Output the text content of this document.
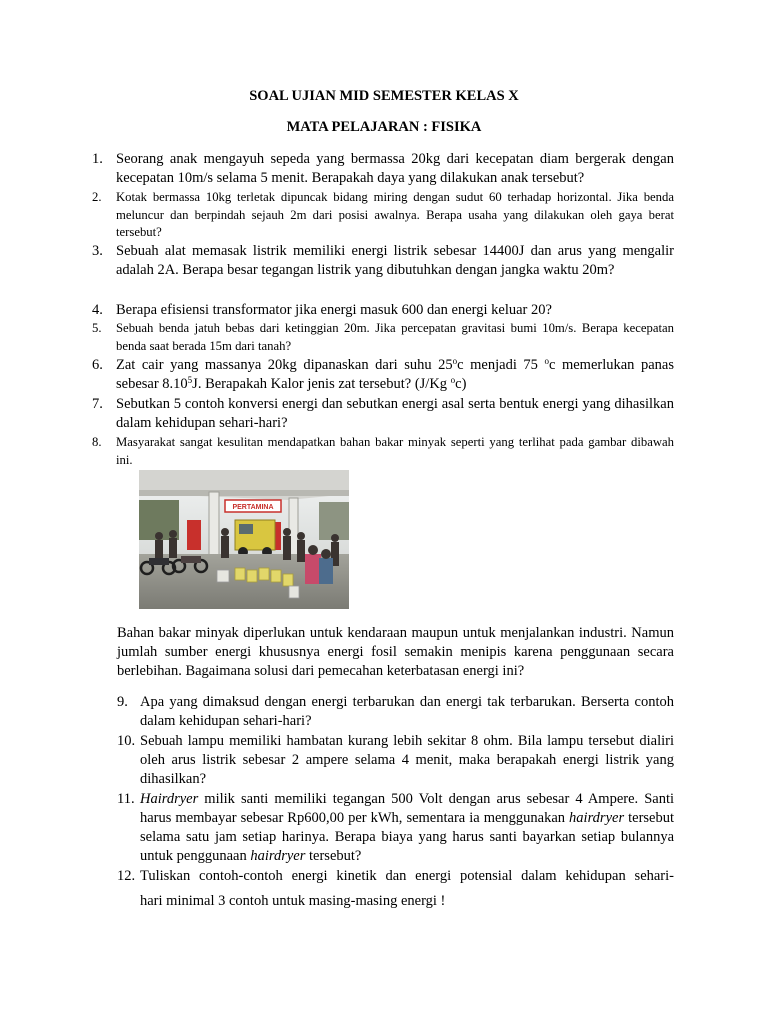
SOAL UJIAN MID SEMESTER KELAS X
MATA PELAJARAN : FISIKA

1. Seorang anak mengayuh sepeda yang bermassa 20kg dari kecepatan diam bergerak dengan kecepatan 10m/s selama 5 menit. Berapakah daya yang dilakukan anak tersebut?

2. Kotak bermassa 10kg terletak dipuncak bidang miring dengan sudut 60 terhadap horizontal. Jika benda meluncur dan berpindah sejauh 2m dari posisi awalnya. Berapa usaha yang dilakukan oleh gaya berat tersebut?

3. Sebuah alat memasak listrik memiliki energi listrik sebesar 14400J dan arus yang mengalir adalah 2A. Berapa besar tegangan listrik yang dibutuhkan dengan jangka waktu 20m?

4. Berapa efisiensi transformator jika energi masuk 600 dan energi keluar 20?

5. Sebuah benda jatuh bebas dari ketinggian 20m. Jika percepatan gravitasi bumi 10m/s. Berapa kecepatan benda saat berada 15m dari tanah?

6. Zat cair yang massanya 20kg dipanaskan dari suhu 25$^o$c menjadi 75 $^o$c memerlukan panas sebesar 8.10$^5$J. Berapakah Kalor jenis zat tersebut? (J/Kg $^o$c)

7. Sebutkan 5 contoh konversi energi dan sebutkan energi asal serta bentuk energi yang dihasilkan dalam kehidupan sehari-hari?

8. Masyarakat sangat kesulitan mendapatkan bahan bakar minyak seperti yang terlihat pada gambar dibawah ini.

PERTAMINA

Bahan bakar minyak diperlukan untuk kendaraan maupun untuk menjalankan industri. Namun jumlah sumber energi khususnya energi fosil semakin menipis karena penggunaan secara berlebihan. Bagaimana solusi dari pemecahan keterbatasan energi ini?

9. Apa yang dimaksud dengan energi terbarukan dan energi tak terbarukan. Berserta contoh dalam kehidupan sehari-hari?

10. Sebuah lampu memiliki hambatan kurang lebih sekitar 8 ohm. Bila lampu tersebut dialiri oleh arus listrik sebesar 2 ampere selama 4 menit, maka berapakah energi listrik yang dihasilkan?

11. Hairdryer milik santi memiliki tegangan 500 Volt dengan arus sebesar 4 Ampere. Santi harus membayar sebesar Rp600,00 per kWh, sementara ia menggunakan hairdryer tersebut selama satu jam setiap harinya. Berapa biaya yang harus santi bayarkan setiap bulannya untuk penggunaan hairdryer tersebut?

12. Tuliskan contoh-contoh energi kinetik dan energi potensial dalam kehidupan sehari-

hari minimal 3 contoh untuk masing-masing energi !
